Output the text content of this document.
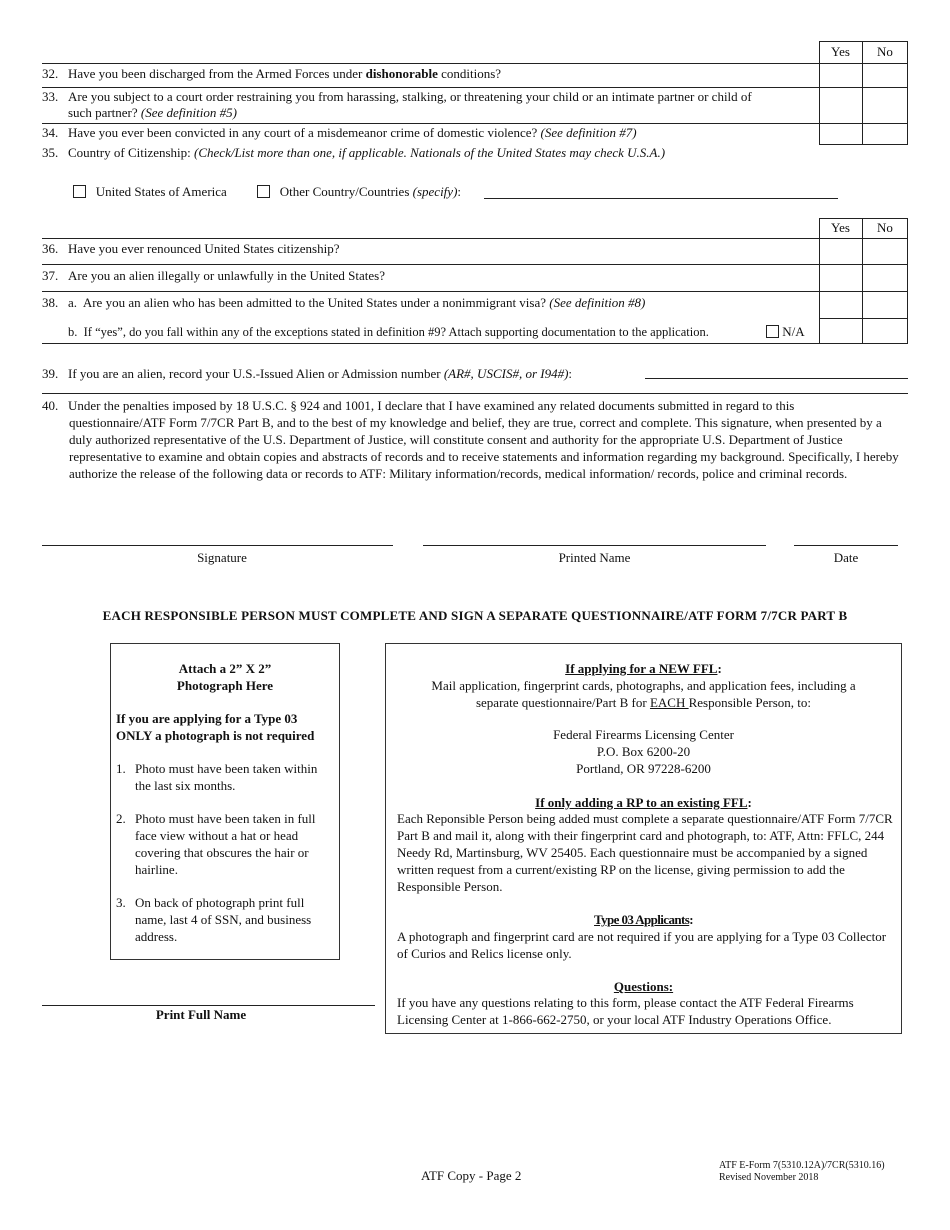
Yes	No
32. Have you been discharged from the Armed Forces under dishonorable conditions?
33. Are you subject to a court order restraining you from harassing, stalking, or threatening your child or an intimate partner or child of
such partner? (See definition #5)
34. Have you ever been convicted in any court of a misdemeanor crime of domestic violence? (See definition #7)
35. Country of Citizenship: (Check/List more than one, if applicable. Nationals of the United States may check U.S.A.)
United States of America	Other Country/Countries (specify):
Yes	No
36. Have you ever renounced United States citizenship?
37. Are you an alien illegally or unlawfully in the United States?
38. a. Are you an alien who has been admitted to the United States under a nonimmigrant visa? (See definition #8)
b. If “yes”, do you fall within any of the exceptions stated in definition #9? Attach supporting documentation to the application.	N/A
39. If you are an alien, record your U.S.-Issued Alien or Admission number (AR#, USCIS#, or I94#):
40. Under the penalties imposed by 18 U.S.C. § 924 and 1001, I declare that I have examined any related documents submitted in regard to this
questionnaire/ATF Form 7/7CR Part B, and to the best of my knowledge and belief, they are true, correct and complete. This signature, when presented by a duly authorized representative of the U.S. Department of Justice, will constitute consent and authority for the appropriate U.S. Department of Justice representative to examine and obtain copies and abstracts of records and to receive statements and information regarding my background. Specifically, I hereby authorize the release of the following data or records to ATF: Military information/records, medical information/ records, police and criminal records.
Signature	Printed Name	Date
EACH RESPONSIBLE PERSON MUST COMPLETE AND SIGN A SEPARATE QUESTIONNAIRE/ATF FORM 7/7CR PART B
Attach a 2” X 2”
Photograph Here
If you are applying for a Type 03
ONLY a photograph is not required
1. Photo must have been taken within the last six months.
2. Photo must have been taken in full face view without a hat or head covering that obscures the hair or hairline.
3. On back of photograph print full name, last 4 of SSN, and business address.
Print Full Name
If applying for a NEW FFL:
Mail application, fingerprint cards, photographs, and application fees, including a
separate questionnaire/Part B for EACH Responsible Person, to:
Federal Firearms Licensing Center
P.O. Box 6200-20
Portland, OR 97228-6200
If only adding a RP to an existing FFL:
Each Reponsible Person being added must complete a separate questionnaire/ATF Form 7/7CR Part B and mail it, along with their fingerprint card and photograph, to: ATF, Attn: FFLC, 244 Needy Rd, Martinsburg, WV 25405. Each questionnaire must be accompanied by a signed written request from a current/existing RP on the license, giving permission to add the Responsible Person.
Type 03 Applicants:
A photograph and fingerprint card are not required if you are applying for a Type 03 Collector of Curios and Relics license only.
Questions:
If you have any questions relating to this form, please contact the ATF Federal Firearms Licensing Center at 1-866-662-2750, or your local ATF Industry Operations Office.
ATF Copy - Page 2
ATF E-Form 7(5310.12A)/7CR(5310.16)
Revised November 2018
